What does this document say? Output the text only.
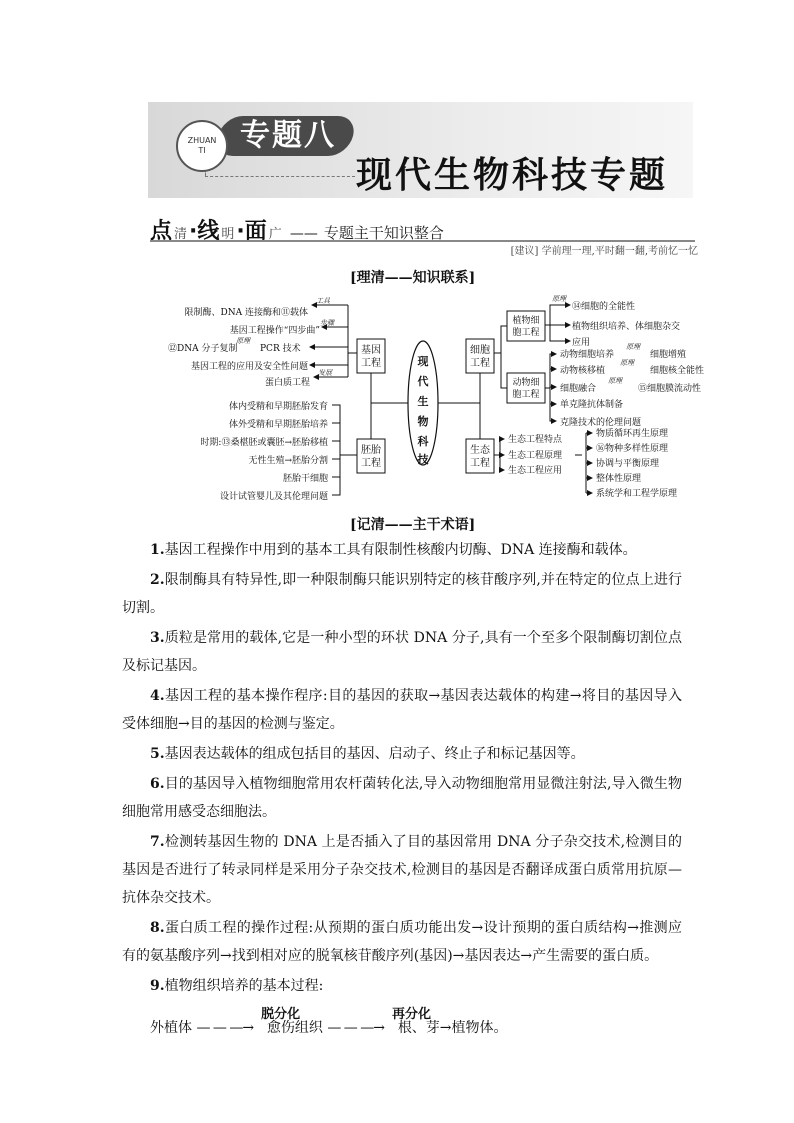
专题八
ZHUAN
TI
现代生物科技专题
点 清 · 线 明 · 面 广 —— 专题主干知识整合
[建议] 学前理一理,平时翻一翻,考前忆一忆
[理清——知识联系]
现
代
生
物
科
技
基因
工程
胚胎
工程
细胞
工程
生态
工程
植物细
胞工程
动物细
胞工程
限制酶、DNA 连接酶和⑪载体
基因工程操作“四步曲”
基因工程的应用及安全性问题
蛋白质工程
⑫DNA 分子复制	PCR 技术
工具
步骤
原理
发展
体内受精和早期胚胎发育
体外受精和早期胚胎培养
时期:⑬桑椹胚或囊胚→胚胎移植
无性生殖→胚胎分割
胚胎干细胞
设计试管婴儿及其伦理问题
⑭细胞的全能性
植物组织培养、体细胞杂交
应用
原理
动物细胞培养	细胞增殖
动物核移植	细胞核全能性
细胞融合	⑮细胞膜流动性
单克隆抗体制备
克隆技术的伦理问题
原理
原理
原理
生态工程特点
生态工程原理
生态工程应用
物质循环再生原理
⑯物种多样性原理
协调与平衡原理
整体性原理
系统学和工程学原理
[记清——主干术语]
1.基因工程操作中用到的基本工具有限制性核酸内切酶、DNA 连接酶和载体。
2.限制酶具有特异性,即一种限制酶只能识别特定的核苷酸序列,并在特定的位点上进行切割。
3.质粒是常用的载体,它是一种小型的环状 DNA 分子,具有一个至多个限制酶切割位点及标记基因。
4.基因工程的基本操作程序:目的基因的获取→基因表达载体的构建→将目的基因导入受体细胞→目的基因的检测与鉴定。
5.基因表达载体的组成包括目的基因、启动子、终止子和标记基因等。
6.目的基因导入植物细胞常用农杆菌转化法,导入动物细胞常用显微注射法,导入微生物细胞常用感受态细胞法。
7.检测转基因生物的 DNA 上是否插入了目的基因常用 DNA 分子杂交技术,检测目的基因是否进行了转录同样是采用分子杂交技术,检测目的基因是否翻译成蛋白质常用抗原—抗体杂交技术。
8.蛋白质工程的操作过程:从预期的蛋白质功能出发→设计预期的蛋白质结构→推测应有的氨基酸序列→找到相对应的脱氧核苷酸序列(基因)→基因表达→产生需要的蛋白质。
9.植物组织培养的基本过程:
外植体 — — —→ 脱分化 愈伤组织 — — —→ 再分化 根、芽→植物体。
